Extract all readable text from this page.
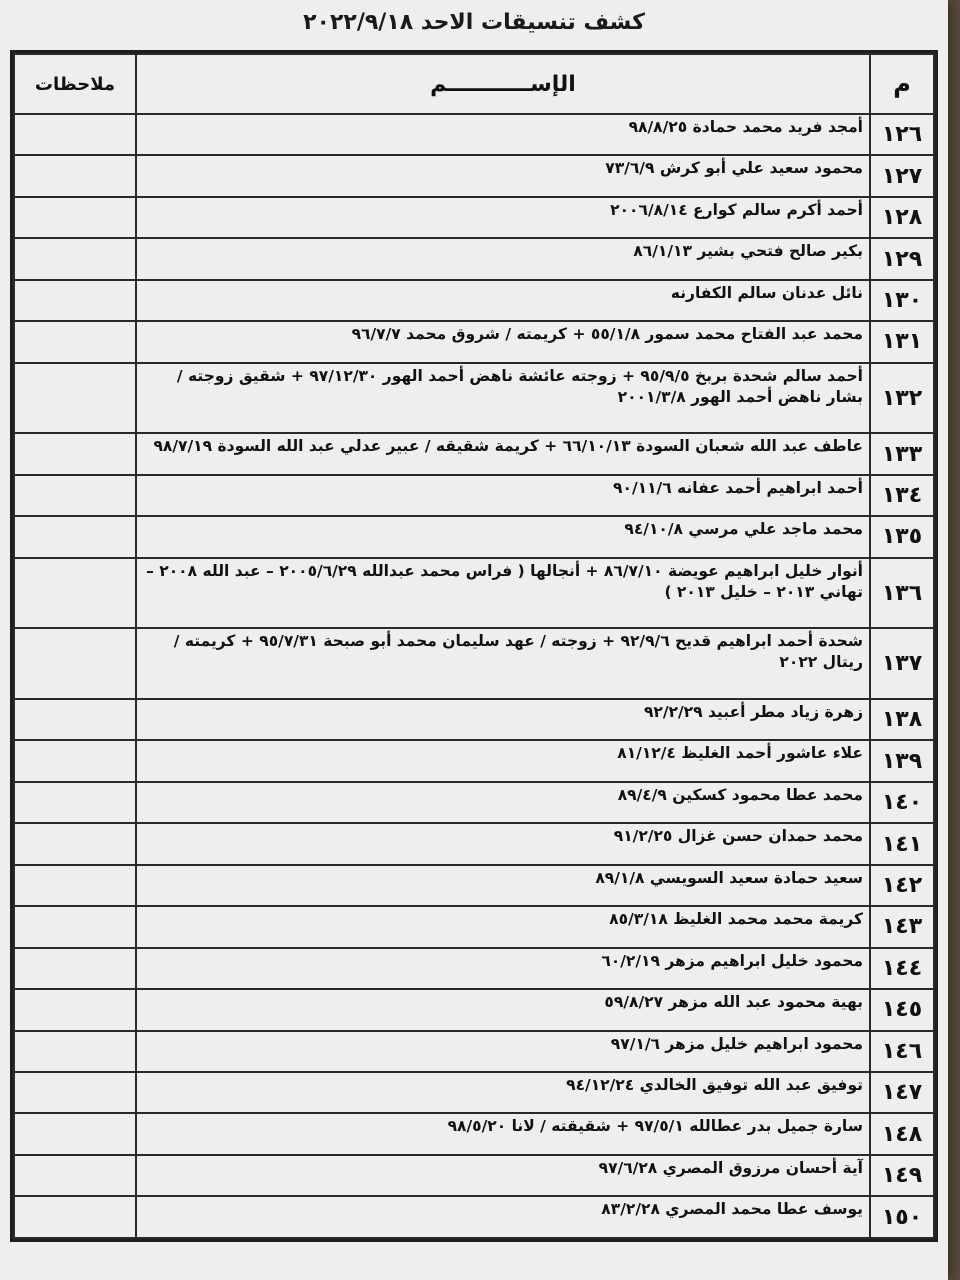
كشف تنسيقات الاحد ٢٠٢٢/٩/١٨
ملاحظات	الإســـــــــــم	م
	أمجد فريد محمد حمادة ٩٨/٨/٢٥	١٢٦
	محمود سعيد علي أبو كرش ٧٣/٦/٩	١٢٧
	أحمد أكرم سالم كوارع ٢٠٠٦/٨/١٤	١٢٨
	بكير صالح فتحي بشير ٨٦/١/١٣	١٢٩
	نائل عدنان سالم الكفارنه	١٣٠
	محمد عبد الفتاح محمد سمور ٥٥/١/٨ + كريمته / شروق محمد ٩٦/٧/٧	١٣١
	أحمد سالم شحدة بربخ ٩٥/٩/٥ + زوجته عائشة ناهض أحمد الهور ٩٧/١٢/٣٠ + شقيق زوجته / بشار ناهض أحمد الهور ٢٠٠١/٣/٨	١٣٢
	عاطف عبد الله شعبان السودة ٦٦/١٠/١٣ + كريمة شقيقه / عبير عدلي عبد الله السودة ٩٨/٧/١٩	١٣٣
	أحمد ابراهيم أحمد عفانه ٩٠/١١/٦	١٣٤
	محمد ماجد علي مرسي ٩٤/١٠/٨	١٣٥
	أنوار خليل ابراهيم عويضة ٨٦/٧/١٠ + أنجالها ( فراس محمد عبدالله ٢٠٠٥/٦/٢٩ – عبد الله ٢٠٠٨ – تهاني ٢٠١٣ – خليل ٢٠١٣ )	١٣٦
	شحدة أحمد ابراهيم قديح ٩٢/٩/٦ + زوجته / عهد سليمان محمد أبو صبحة ٩٥/٧/٣١ + كريمته / ريتال ٢٠٢٢	١٣٧
	زهرة زياد مطر أعبيد ٩٢/٢/٢٩	١٣٨
	علاء عاشور أحمد الغليظ ٨١/١٢/٤	١٣٩
	محمد عطا محمود كسكين ٨٩/٤/٩	١٤٠
	محمد حمدان حسن غزال ٩١/٢/٢٥	١٤١
	سعيد حمادة سعيد السويسي ٨٩/١/٨	١٤٢
	كريمة محمد محمد الغليظ ٨٥/٣/١٨	١٤٣
	محمود خليل ابراهيم مزهر ٦٠/٢/١٩	١٤٤
	بهية محمود عبد الله مزهر ٥٩/٨/٢٧	١٤٥
	محمود ابراهيم خليل مزهر ٩٧/١/٦	١٤٦
	توفيق عبد الله توفيق الخالدي ٩٤/١٢/٢٤	١٤٧
	سارة جميل بدر عطالله ٩٧/٥/١ + شقيقته / لانا ٩٨/٥/٢٠	١٤٨
	آية أحسان مرزوق المصري ٩٧/٦/٢٨	١٤٩
	يوسف عطا محمد المصري ٨٣/٢/٢٨	١٥٠
